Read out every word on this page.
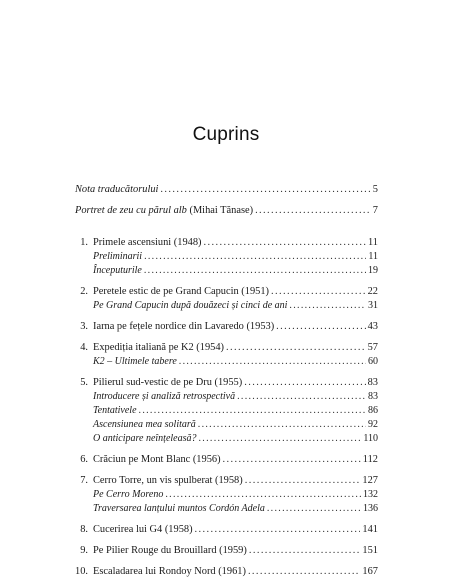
Cuprins
Nota traducătorului . . .	5
Portret de zeu cu părul alb (Mihai Tănase) . . .	7
1. Primele ascensiuni (1948) . . .	11
Preliminarii . . .	11
Începuturile . . .	19
2. Peretele estic de pe Grand Capucin (1951) . . .	22
Pe Grand Capucin după douăzeci și cinci de ani . . .	31
3. Iarna pe fețele nordice din Lavaredo (1953) . . .	43
4. Expediția italiană pe K2 (1954) . . .	57
K2 – Ultimele tabere . . .	60
5. Pilierul sud-vestic de pe Dru (1955) . . .	83
Introducere și analiză retrospectivă . . .	83
Tentativele . . .	86
Ascensiunea mea solitară . . .	92
O anticipare neînțeleasă? . . .	110
6. Crăciun pe Mont Blanc (1956) . . .	112
7. Cerro Torre, un vis spulberat (1958) . . .	127
Pe Cerro Moreno . . .	132
Traversarea lanțului muntos Cordón Adela . . .	136
8. Cucerirea lui G4 (1958) . . .	141
9. Pe Pilier Rouge du Brouillard (1959) . . .	151
10. Escaladarea lui Rondoy Nord (1961) . . .	167
